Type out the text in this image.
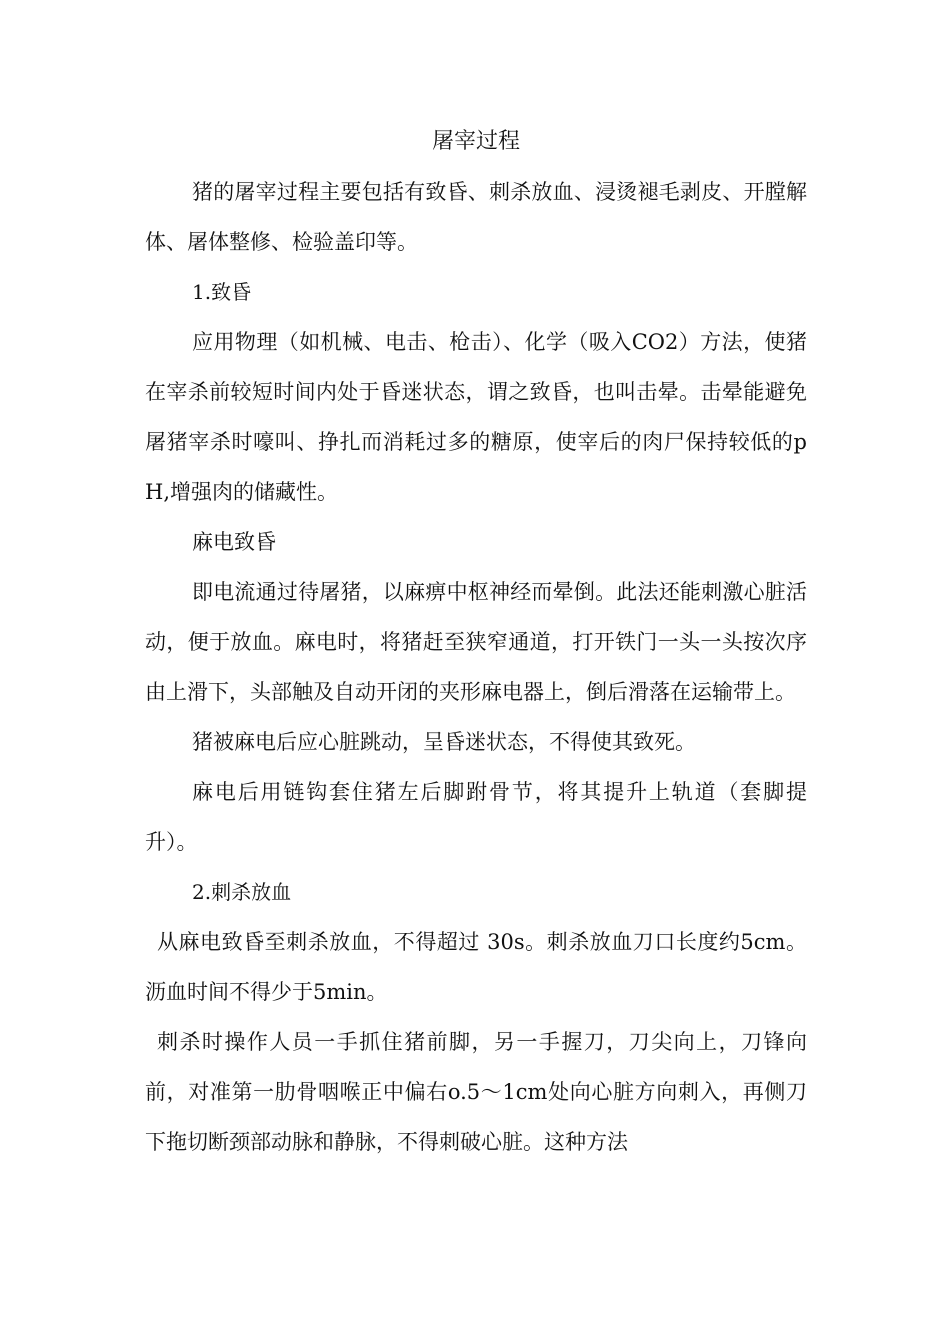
屠宰过程

猪的屠宰过程主要包括有致昏、刺杀放血、浸烫褪毛剥皮、开膛解体、屠体整修、检验盖印等。

1.致昏

应用物理（如机械、电击、枪击）、化学（吸入CO2）方法，使猪在宰杀前较短时间内处于昏迷状态，谓之致昏，也叫击晕。击晕能避免屠猪宰杀时嚎叫、挣扎而消耗过多的糖原，使宰后的肉尸保持较低的pH,增强肉的储藏性。

麻电致昏

即电流通过待屠猪，以麻痹中枢神经而晕倒。此法还能刺激心脏活动，便于放血。麻电时，将猪赶至狭窄通道，打开铁门一头一头按次序由上滑下，头部触及自动开闭的夹形麻电器上，倒后滑落在运输带上。

猪被麻电后应心脏跳动，呈昏迷状态，不得使其致死。

麻电后用链钩套住猪左后脚跗骨节，将其提升上轨道（套脚提升）。

2.刺杀放血

从麻电致昏至刺杀放血，不得超过 30s。刺杀放血刀口长度约5cm。沥血时间不得少于5min。

刺杀时操作人员一手抓住猪前脚，另一手握刀，刀尖向上，刀锋向前，对准第一肋骨咽喉正中偏右o.5～1cm处向心脏方向刺入，再侧刀下拖切断颈部动脉和静脉，不得刺破心脏。这种方法
